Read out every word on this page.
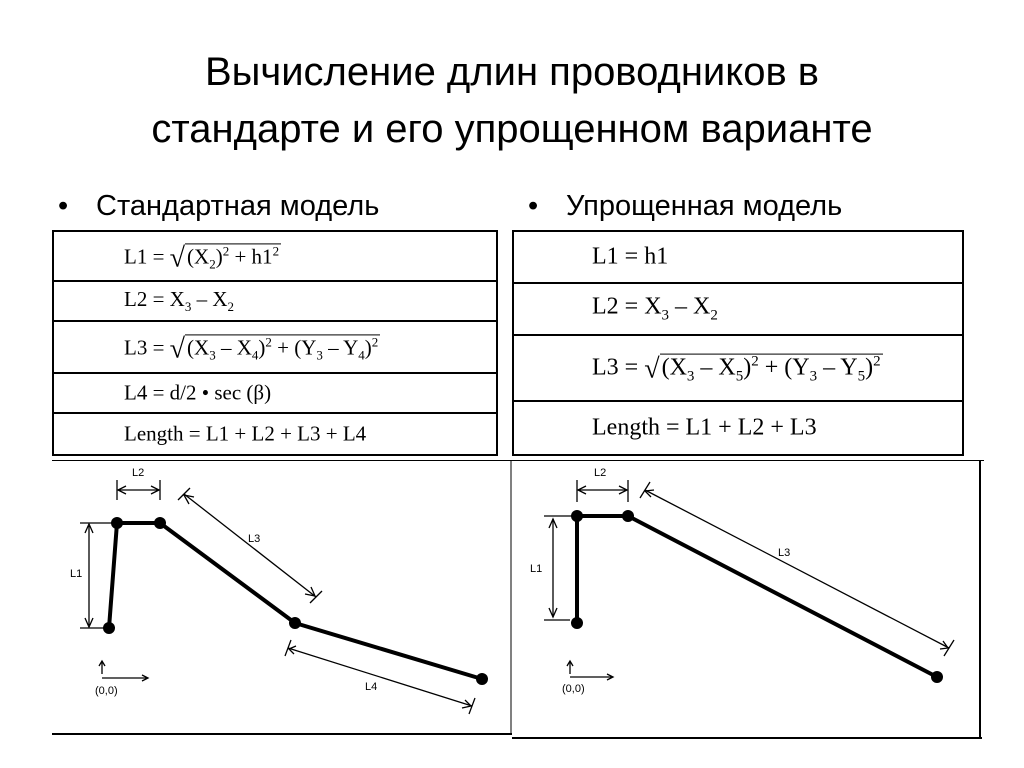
Вычисление длин проводников в
стандарте и его упрощенном варианте
• Стандартная модель	• Упрощенная модель
$L1 = √(X_2)^2 + h1^2$
$L2 = X_3 - X_2$
$L3 = √(X_3 - X_4)^2 + (Y_3 - Y_4)^2$
L4 = d/2 • sec (β)
Length = L1 + L2 + L3 + L4
L1 = h1
$L2 = X_3 - X_2$
$L3 = √(X_3 - X_5)^2 + (Y_3 - Y_5)^2$
Length = L1 + L2 + L3
L1
L2
L3
L4
(0,0)
L1
L2
L3
(0,0)
